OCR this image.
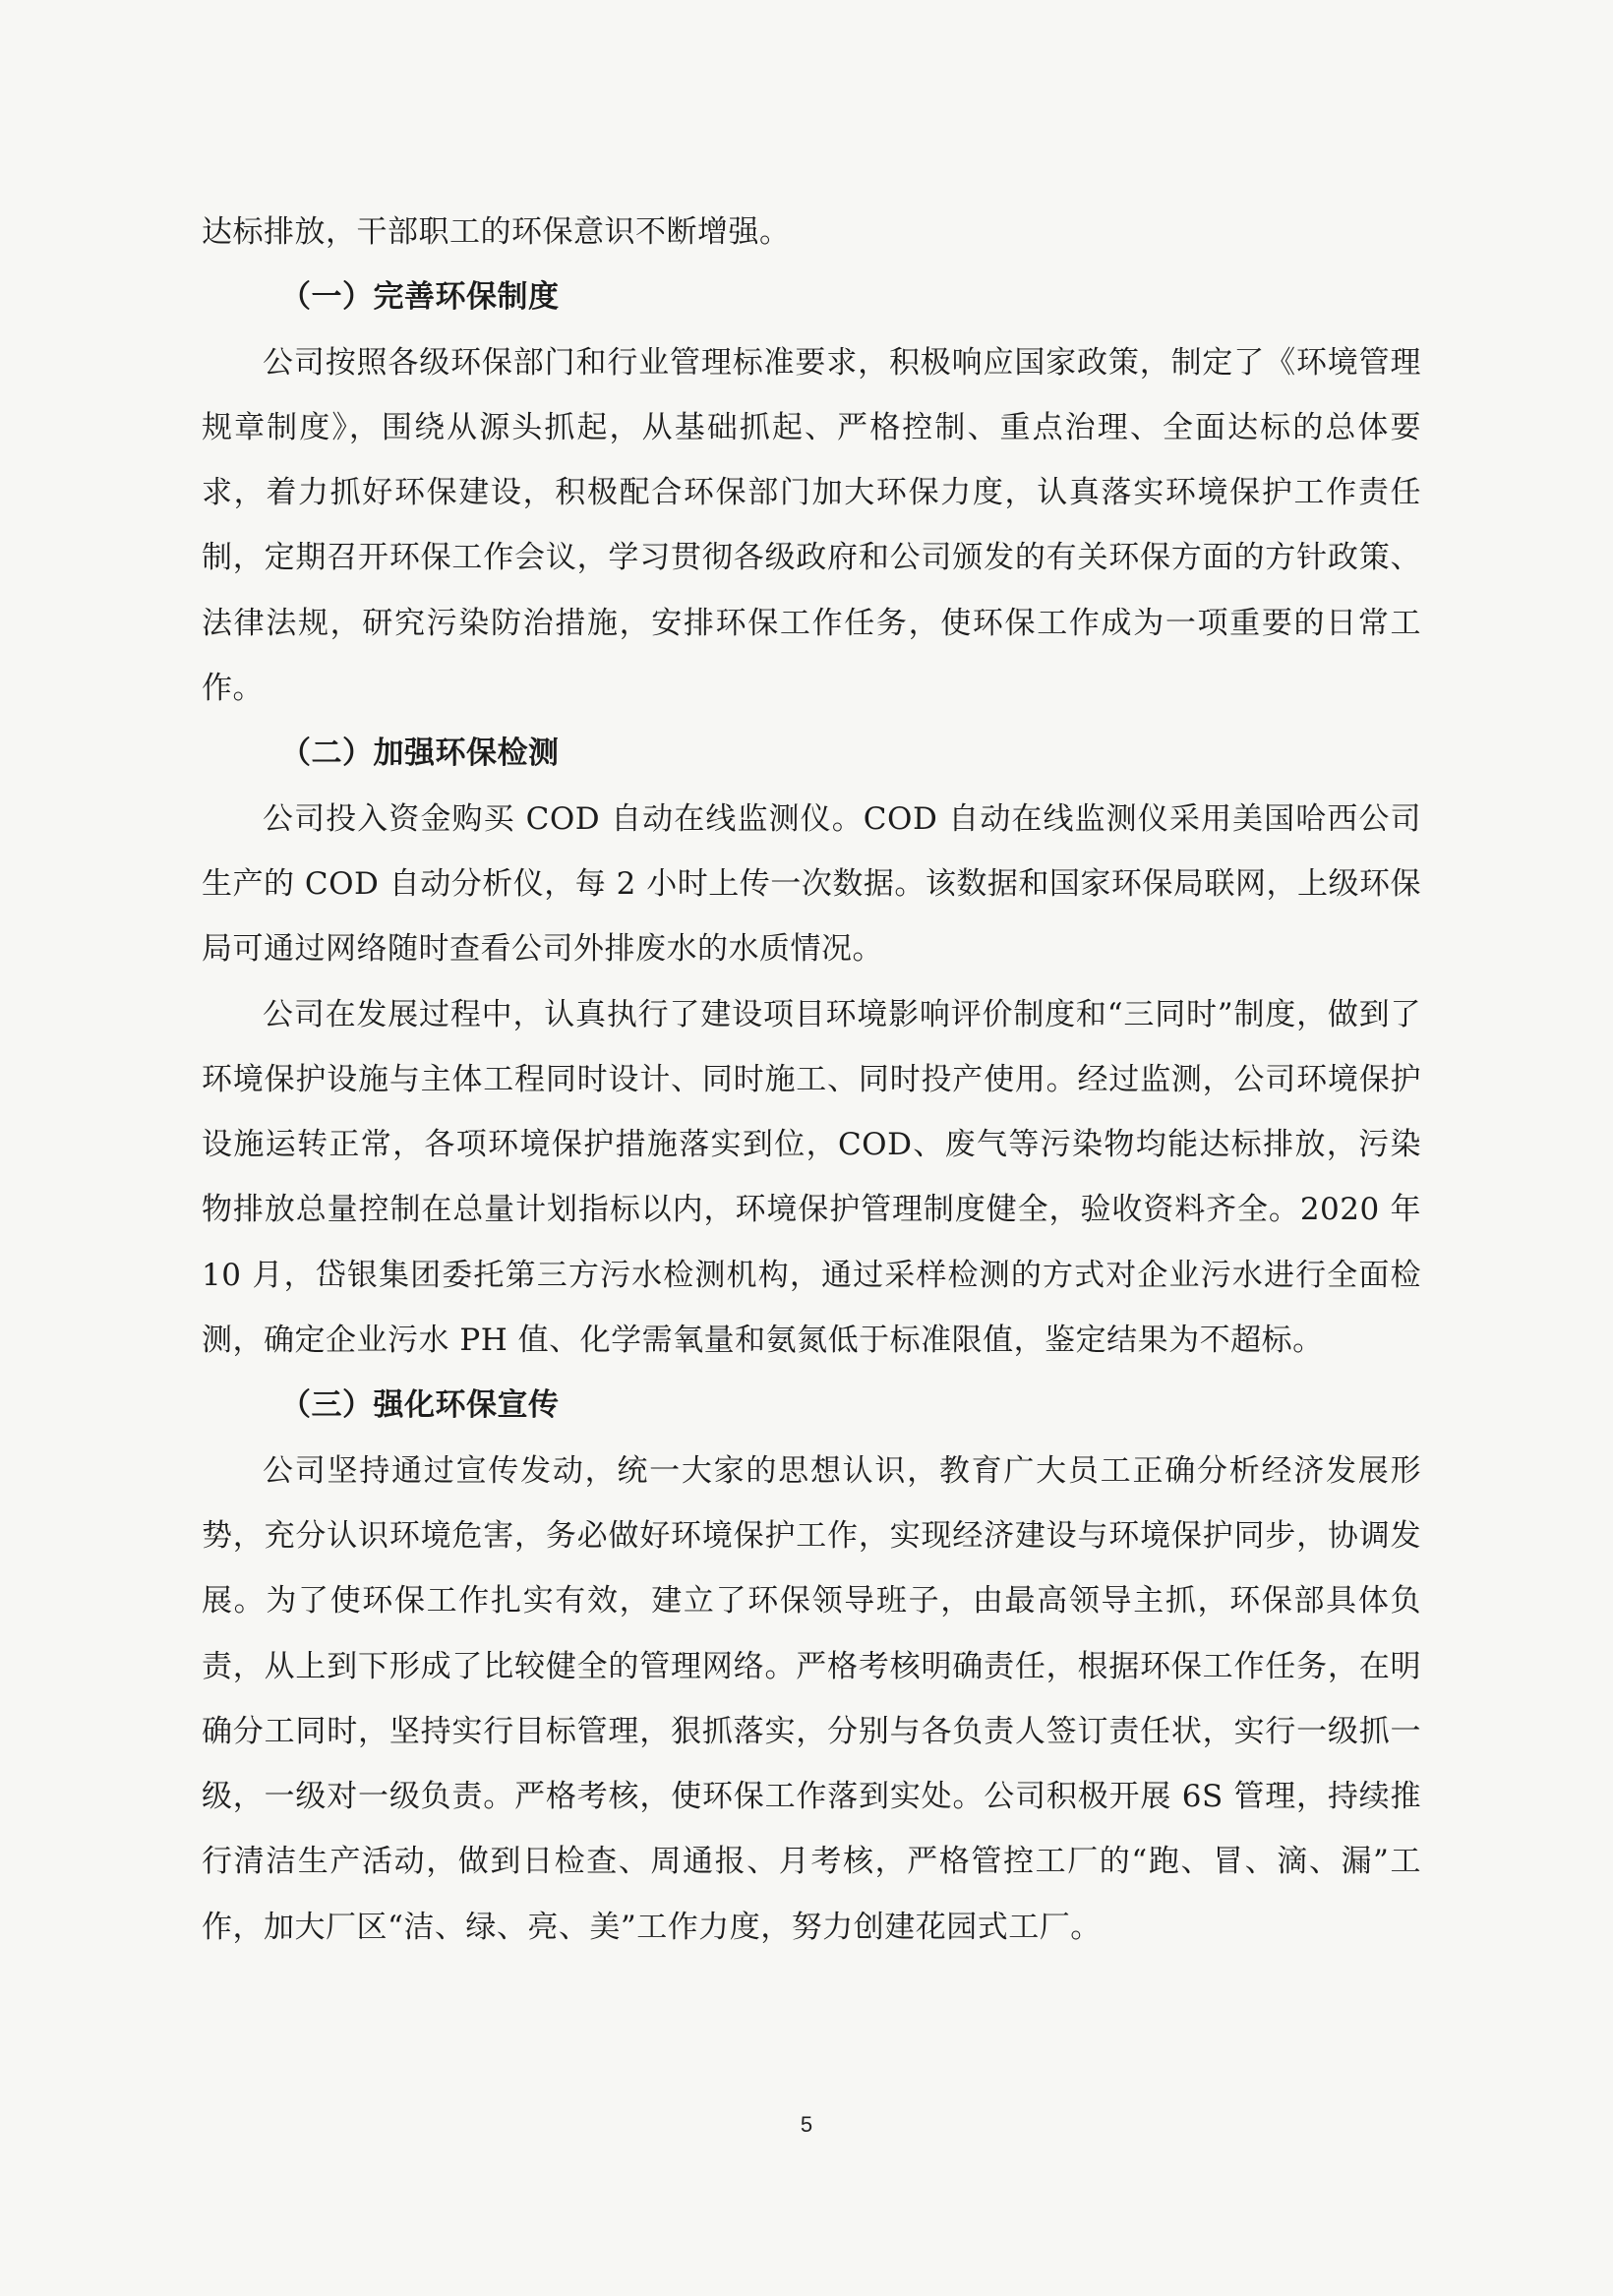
达标排放，干部职工的环保意识不断增强。

（一）完善环保制度

公司按照各级环保部门和行业管理标准要求，积极响应国家政策，制定了《环境管理规章制度》，围绕从源头抓起，从基础抓起、严格控制、重点治理、全面达标的总体要求，着力抓好环保建设，积极配合环保部门加大环保力度，认真落实环境保护工作责任制，定期召开环保工作会议，学习贯彻各级政府和公司颁发的有关环保方面的方针政策、法律法规，研究污染防治措施，安排环保工作任务，使环保工作成为一项重要的日常工作。

（二）加强环保检测

公司投入资金购买 COD 自动在线监测仪。COD 自动在线监测仪采用美国哈西公司生产的 COD 自动分析仪，每 2 小时上传一次数据。该数据和国家环保局联网，上级环保局可通过网络随时查看公司外排废水的水质情况。

公司在发展过程中，认真执行了建设项目环境影响评价制度和“三同时”制度，做到了环境保护设施与主体工程同时设计、同时施工、同时投产使用。经过监测，公司环境保护设施运转正常，各项环境保护措施落实到位，COD、废气等污染物均能达标排放，污染物排放总量控制在总量计划指标以内，环境保护管理制度健全，验收资料齐全。2020 年 10 月，岱银集团委托第三方污水检测机构，通过采样检测的方式对企业污水进行全面检测，确定企业污水 PH 值、化学需氧量和氨氮低于标准限值，鉴定结果为不超标。

（三）强化环保宣传

公司坚持通过宣传发动，统一大家的思想认识，教育广大员工正确分析经济发展形势，充分认识环境危害，务必做好环境保护工作，实现经济建设与环境保护同步，协调发展。为了使环保工作扎实有效，建立了环保领导班子，由最高领导主抓，环保部具体负责，从上到下形成了比较健全的管理网络。严格考核明确责任，根据环保工作任务，在明确分工同时，坚持实行目标管理，狠抓落实，分别与各负责人签订责任状，实行一级抓一级，一级对一级负责。严格考核，使环保工作落到实处。公司积极开展 6S 管理，持续推行清洁生产活动，做到日检查、周通报、月考核，严格管控工厂的“跑、冒、滴、漏”工作，加大厂区“洁、绿、亮、美”工作力度，努力创建花园式工厂。

5
